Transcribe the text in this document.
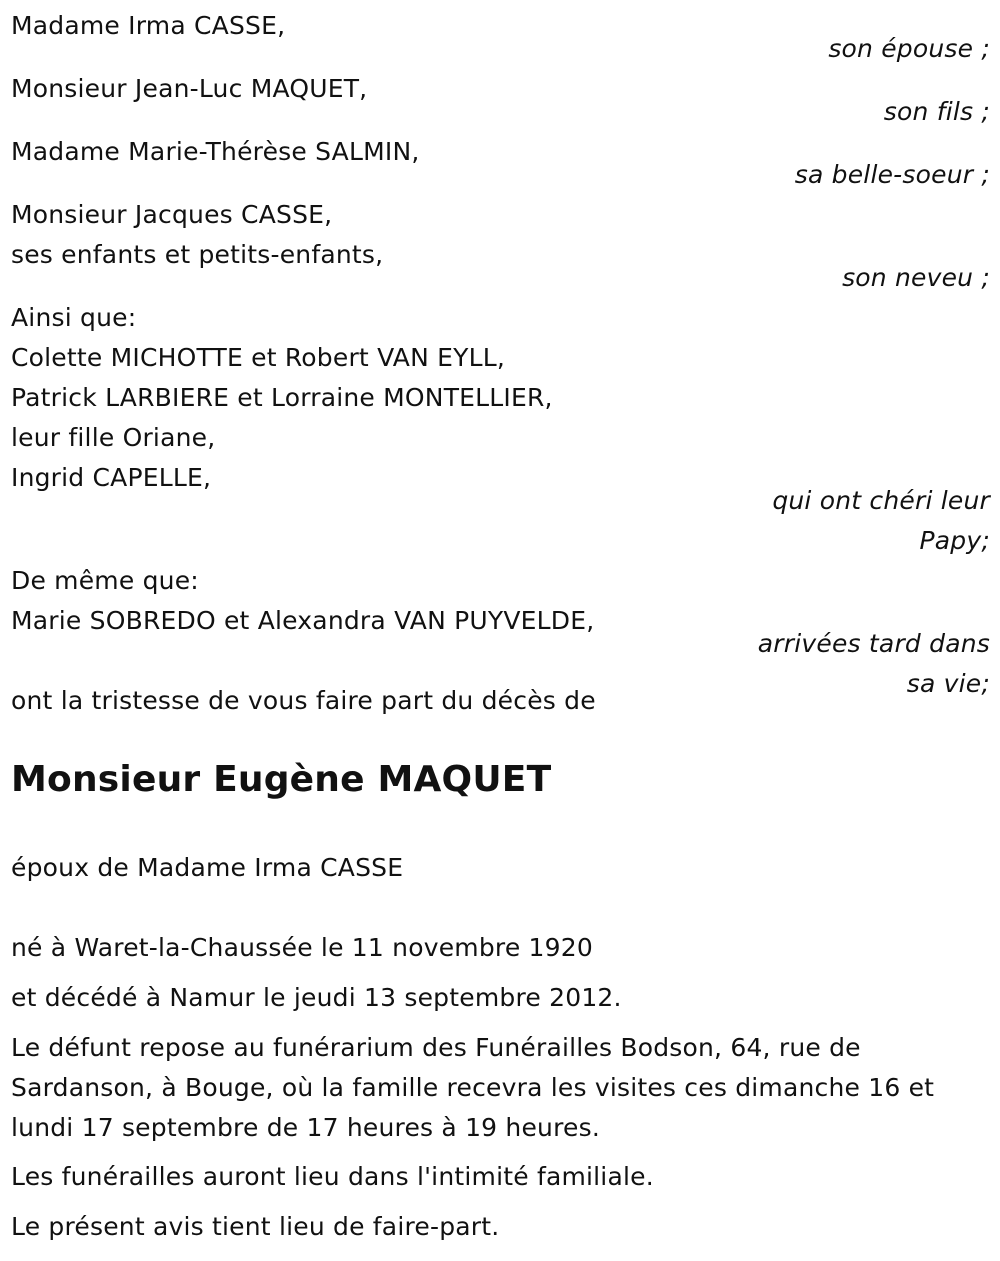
Madame Irma CASSE,
son épouse ;
Monsieur Jean-Luc MAQUET,
son fils ;
Madame Marie-Thérèse SALMIN,
sa belle-soeur ;
Monsieur Jacques CASSE,
ses enfants et petits-enfants,
son neveu ;
Ainsi que:
Colette MICHOTTE et Robert VAN EYLL,
Patrick LARBIERE et Lorraine MONTELLIER,
leur fille Oriane,
Ingrid CAPELLE,
qui ont chéri leur
Papy;
De même que:
Marie SOBREDO et Alexandra VAN PUYVELDE,
arrivées tard dans
sa vie;
ont la tristesse de vous faire part du décès de
Monsieur Eugène MAQUET
époux de Madame Irma CASSE
né à Waret-la-Chaussée le 11 novembre 1920
et décédé à Namur le jeudi 13 septembre 2012.
Le défunt repose au funérarium des Funérailles Bodson, 64, rue de Sardanson, à Bouge, où la famille recevra les visites ces dimanche 16 et lundi 17 septembre de 17 heures à 19 heures.
Les funérailles auront lieu dans l'intimité familiale.
Le présent avis tient lieu de faire-part.
